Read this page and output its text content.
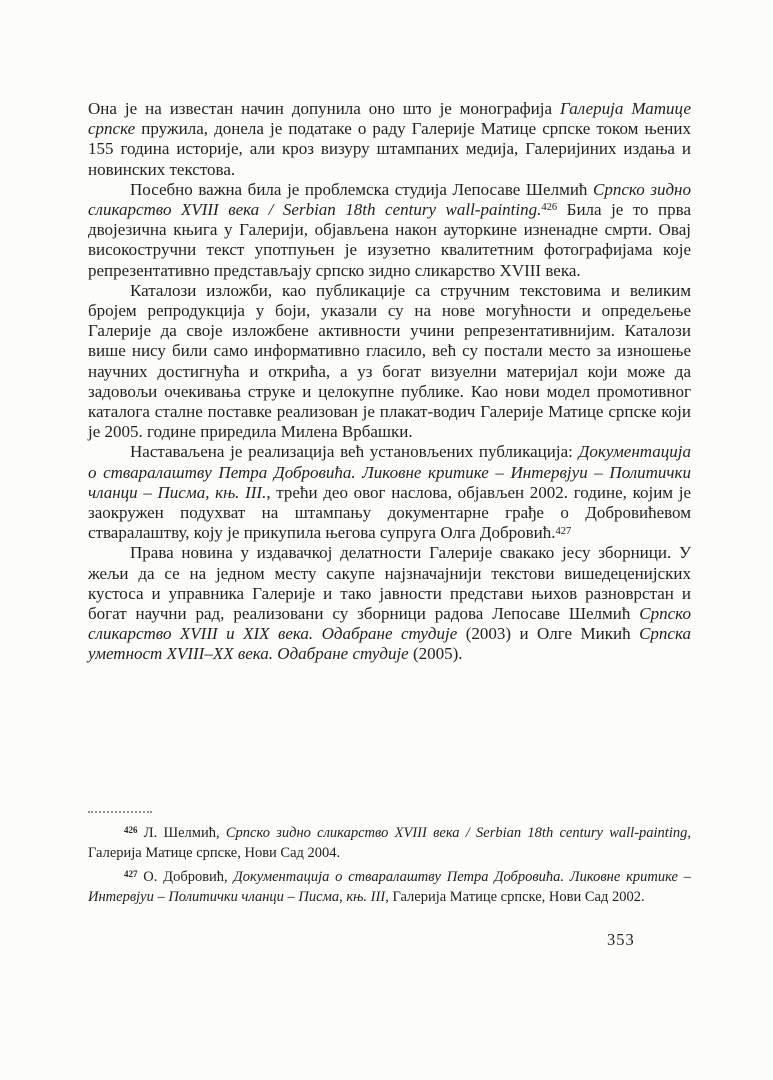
Она је на известан начин допунила оно што је монографија Галерија Матице српске пружила, донела је податаке о раду Галерије Матице српске током њених 155 година историје, али кроз визуру штампаних медија, Галеријиних издања и новинских текстова.

Посебно важна била је проблемска студија Лепосаве Шелмић Српско зидно сликарство XVIII века / Serbian 18th century wall-painting.$^{426}$ Била је то прва двојезична књига у Галерији, објављена након ауторкине изненадне смрти. Овај високостручни текст употпуњен је изузетно квалитетним фотографијама које репрезентативно представљају српско зидно сликарство XVIII века.

Каталози изложби, као публикације са стручним текстовима и великим бројем репродукција у боји, указали су на нове могућности и опредељење Галерије да своје изложбене активности учини репрезентативнијим. Каталози више нису били само информативно гласило, већ су постали место за изношење научних достигнућа и открића, а уз богат визуелни материјал који може да задовољи очекивања струке и целокупне публике. Као нови модел промотивног каталога сталне поставке реализован је плакат-водич Галерије Матице српске који је 2005. године приредила Милена Врбашки.

Наставаљена је реализација већ установљених публикација: Документација о стваралаштву Петра Добровића. Ликовне критике – Интервјуи – Политички чланци – Писма, књ. III., трећи део овог наслова, објављен 2002. године, којим је заокружен подухват на штампању документарне грађе о Добровићевом стваралаштву, коју је прикупила његова супруга Олга Добровић.$^{427}$

Права новина у издавачкој делатности Галерије свакако јесу зборници. У жељи да се на једном месту сакупе најзначајнији текстови вишедеценијских кустоса и управника Галерије и тако јавности представи њихов разноврстан и богат научни рад, реализовани су зборници радова Лепосаве Шелмић Српско сликарство XVIII и XIX века. Одабране студије (2003) и Олге Микић Српска уметност XVIII–XX века. Одабране студије (2005).

$^{426}$ Л. Шелмић, Српско зидно сликарство XVIII века / Serbian 18th century wall-painting, Галерија Матице српске, Нови Сад 2004.

$^{427}$ О. Добровић, Документација о стваралаштву Петра Добровића. Ликовне критике – Интервјуи – Политички чланци – Писма, књ. III, Галерија Матице српске, Нови Сад 2002.

353
